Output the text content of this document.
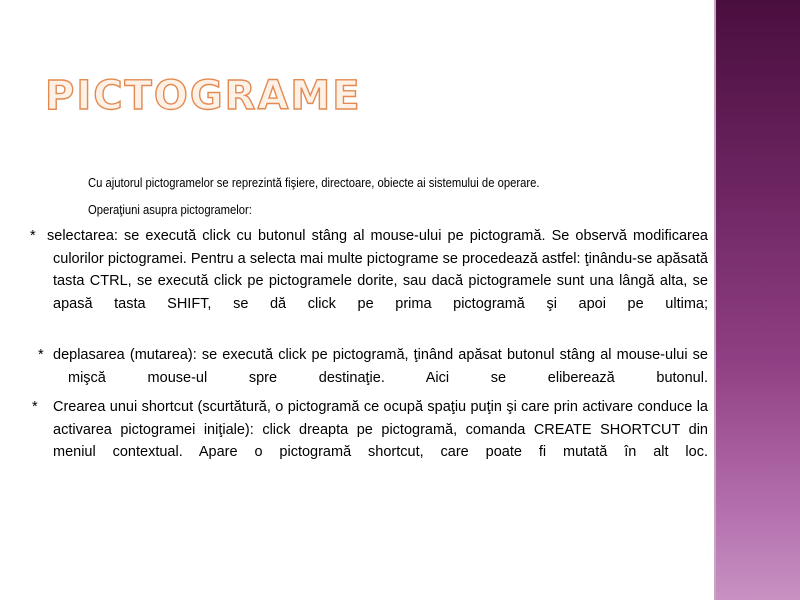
PICTOGRAME

Cu ajutorul pictogramelor se reprezintă fişiere, directoare, obiecte ai sistemului de operare.

Operaţiuni asupra pictogramelor:

* selectarea: se execută click cu butonul stâng al mouse-ului pe pictogramă. Se observă modificarea culorilor pictogramei. Pentru a selecta mai multe pictograme se procedează astfel: ţinându-se apăsată tasta CTRL, se execută click pe pictogramele dorite, sau dacă pictogramele sunt una lângă alta, se apasă tasta SHIFT, se dă click pe prima pictogramă şi apoi pe ultima;
* deplasarea (mutarea): se execută click pe pictogramă, ţinând apăsat butonul stâng al mouse-ului se mişcă mouse-ul spre destinaţie. Aici se eliberează butonul.
* Crearea unui shortcut (scurtătură, o pictogramă ce ocupă spaţiu puţin şi care prin activare conduce la activarea pictogramei iniţiale): click dreapta pe pictogramă, comanda CREATE SHORTCUT din meniul contextual. Apare o pictogramă shortcut, care poate fi mutată în alt loc.
